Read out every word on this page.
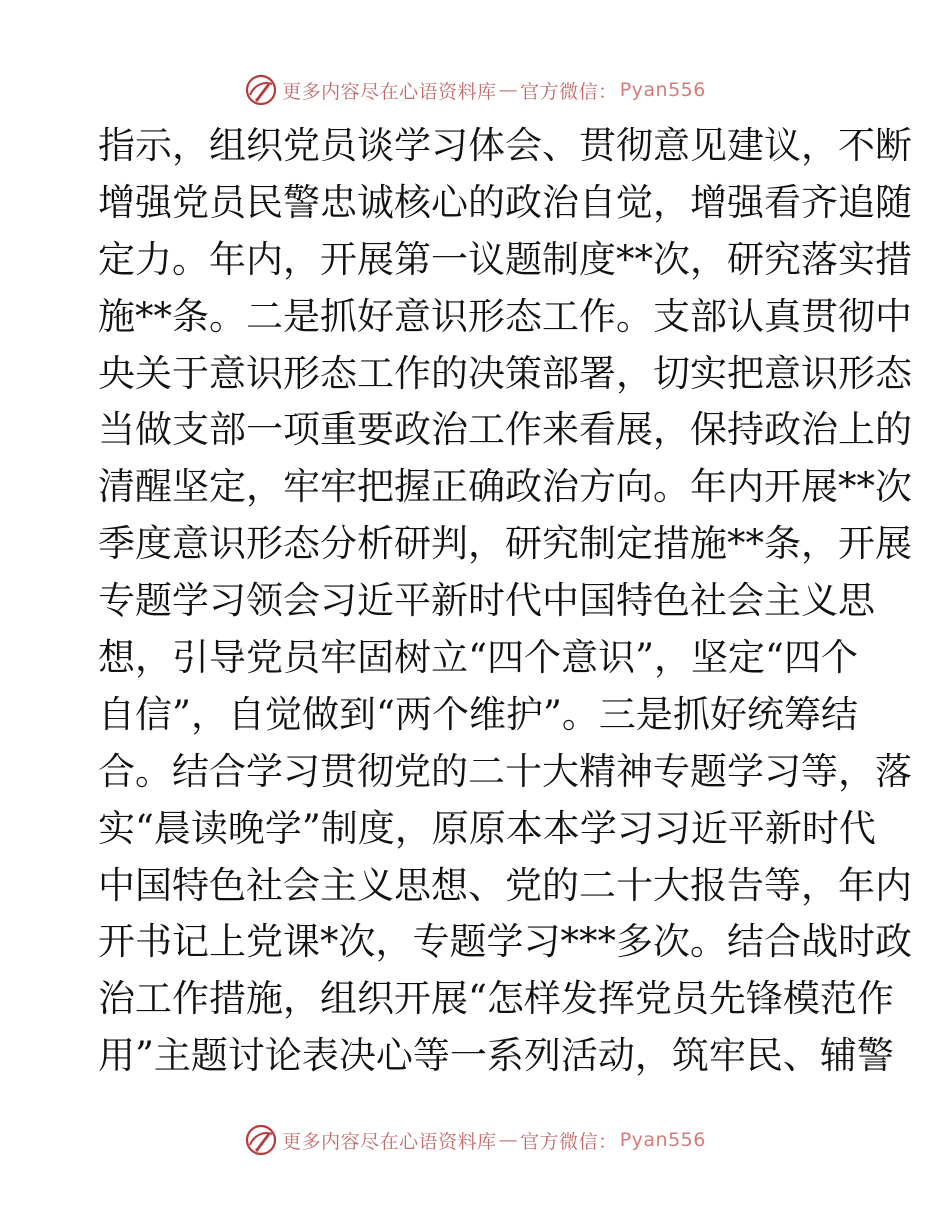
更多内容尽在心语资料库 — 官方微信： Pyan556
指示，组织党员谈学习体会、贯彻意见建议，不断
增强党员民警忠诚核心的政治自觉，增强看齐追随
定力。年内，开展第一议题制度**次，研究落实措
施**条。二是抓好意识形态工作。支部认真贯彻中
央关于意识形态工作的决策部署，切实把意识形态
当做支部一项重要政治工作来看展，保持政治上的
清醒坚定，牢牢把握正确政治方向。年内开展**次
季度意识形态分析研判，研究制定措施**条，开展
专题学习领会习近平新时代中国特色社会主义思
想，引导党员牢固树立“四个意识”，坚定“四个
自信”，自觉做到“两个维护”。三是抓好统筹结
合。结合学习贯彻党的二十大精神专题学习等，落
实“晨读晚学”制度，原原本本学习习近平新时代
中国特色社会主义思想、党的二十大报告等，年内
开书记上党课*次，专题学习***多次。结合战时政
治工作措施，组织开展“怎样发挥党员先锋模范作
用”主题讨论表决心等一系列活动，筑牢民、辅警
更多内容尽在心语资料库 — 官方微信： Pyan556
